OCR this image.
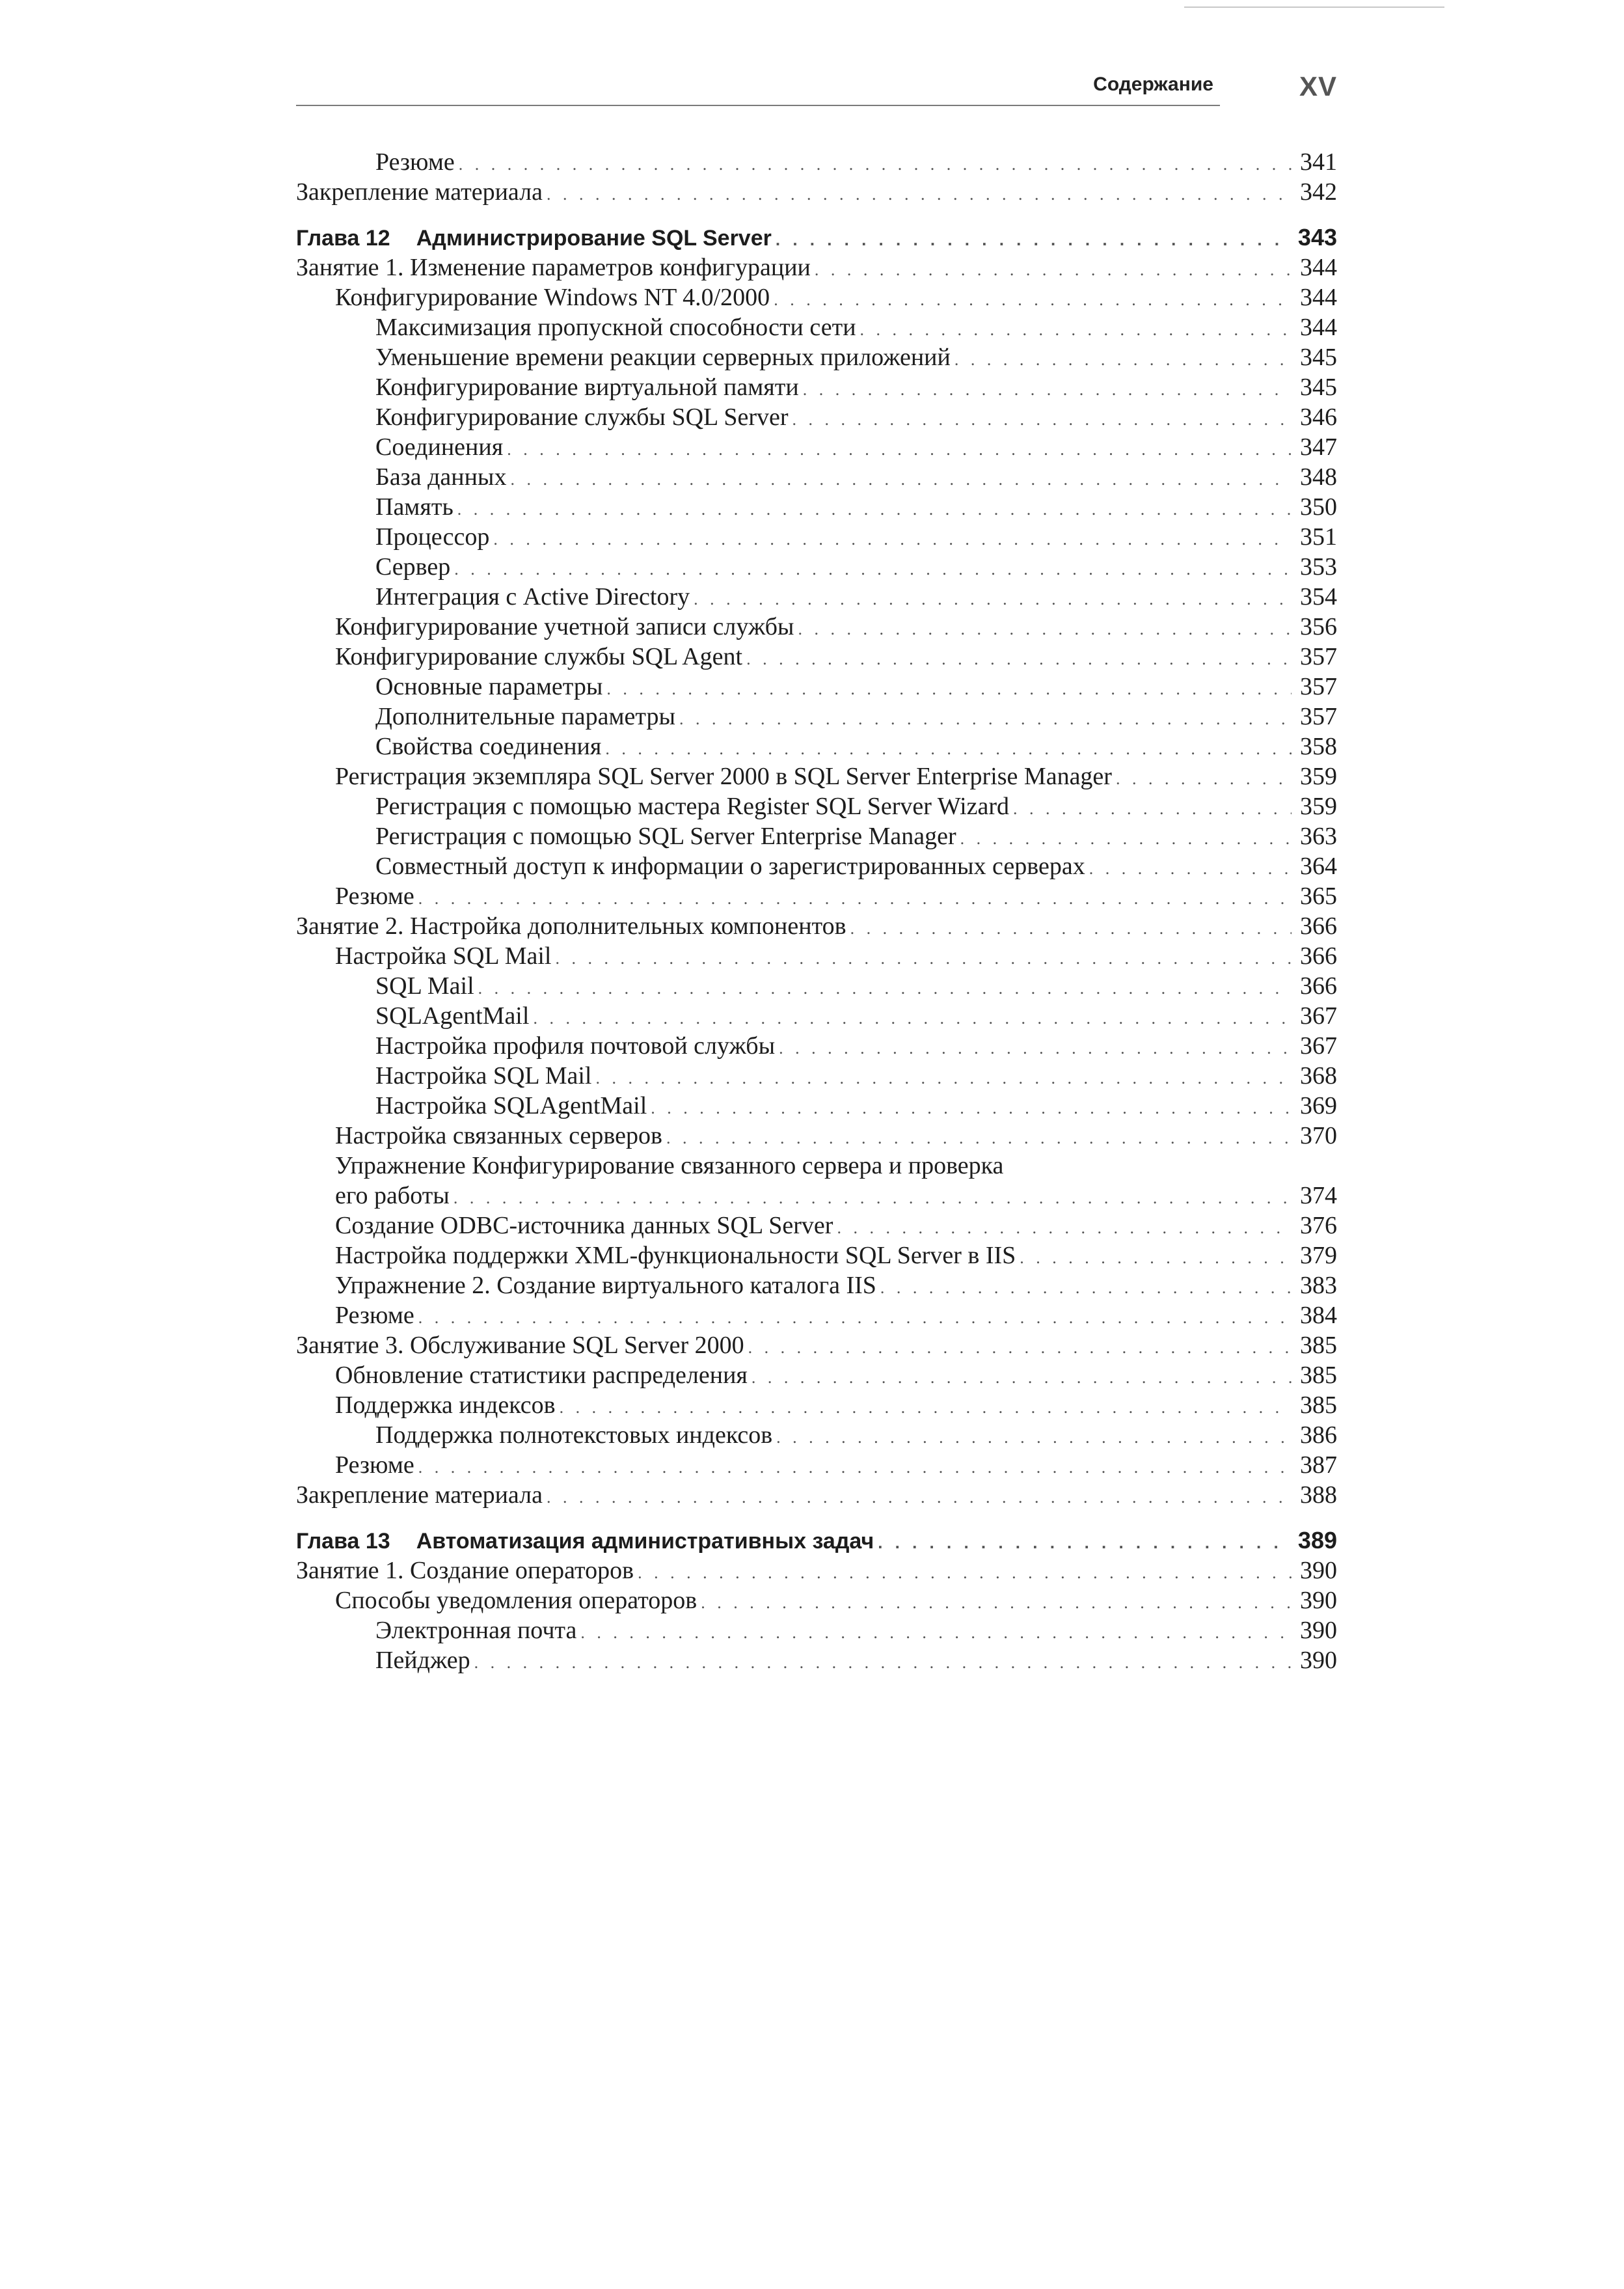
Содержание	XV
Резюме . . .	341
Закрепление материала . . .	342
Глава 12 Администрирование SQL Server . . .	343
Занятие 1. Изменение параметров конфигурации . . .	344
Конфигурирование Windows NT 4.0/2000 . . .	344
Максимизация пропускной способности сети . . .	344
Уменьшение времени реакции серверных приложений . . .	345
Конфигурирование виртуальной памяти . . .	345
Конфигурирование службы SQL Server . . .	346
Соединения . . .	347
База данных . . .	348
Память . . .	350
Процессор . . .	351
Сервер . . .	353
Интеграция с Active Directory . . .	354
Конфигурирование учетной записи службы . . .	356
Конфигурирование службы SQL Agent . . .	357
Основные параметры . . .	357
Дополнительные параметры . . .	357
Свойства соединения . . .	358
Регистрация экземпляра SQL Server 2000 в SQL Server Enterprise Manager . . .	359
Регистрация с помощью мастера Register SQL Server Wizard . . .	359
Регистрация с помощью SQL Server Enterprise Manager . . .	363
Совместный доступ к информации о зарегистрированных серверах . . .	364
Резюме . . .	365
Занятие 2. Настройка дополнительных компонентов . . .	366
Настройка SQL Mail . . .	366
SQL Mail . . .	366
SQLAgentMail . . .	367
Настройка профиля почтовой службы . . .	367
Настройка SQL Mail . . .	368
Настройка SQLAgentMail . . .	369
Настройка связанных серверов . . .	370
Упражнение Конфигурирование связанного сервера и проверка
его работы . . .	374
Создание ODBC-источника данных SQL Server . . .	376
Настройка поддержки XML-функциональности SQL Server в IIS . . .	379
Упражнение 2. Создание виртуального каталога IIS . . .	383
Резюме . . .	384
Занятие 3. Обслуживание SQL Server 2000 . . .	385
Обновление статистики распределения . . .	385
Поддержка индексов . . .	385
Поддержка полнотекстовых индексов . . .	386
Резюме . . .	387
Закрепление материала . . .	388
Глава 13 Автоматизация административных задач . . .	389
Занятие 1. Создание операторов . . .	390
Способы уведомления операторов . . .	390
Электронная почта . . .	390
Пейджер . . .	390
